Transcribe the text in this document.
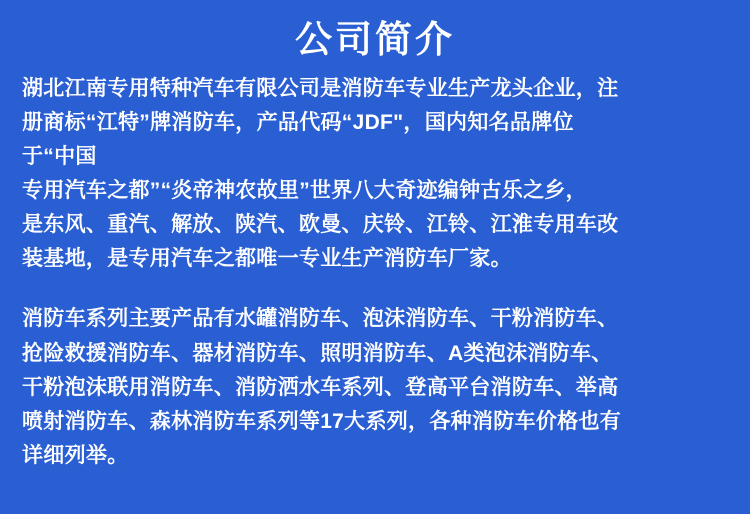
公司简介
湖北江南专用特种汽车有限公司是消防车专业生产龙头企业，注
册商标“江特”牌消防车，产品代码“JDF"，国内知名品牌位
于“中国
专用汽车之都”“炎帝神农故里”世界八大奇迹编钟古乐之乡，
是东风、重汽、解放、陕汽、欧曼、庆铃、江铃、江淮专用车改
装基地，是专用汽车之都唯一专业生产消防车厂家。
消防车系列主要产品有水罐消防车、泡沫消防车、干粉消防车、
抢险救援消防车、器材消防车、照明消防车、A类泡沫消防车、
干粉泡沫联用消防车、消防洒水车系列、登高平台消防车、举高
喷射消防车、森林消防车系列等17大系列，各种消防车价格也有
详细列举。
